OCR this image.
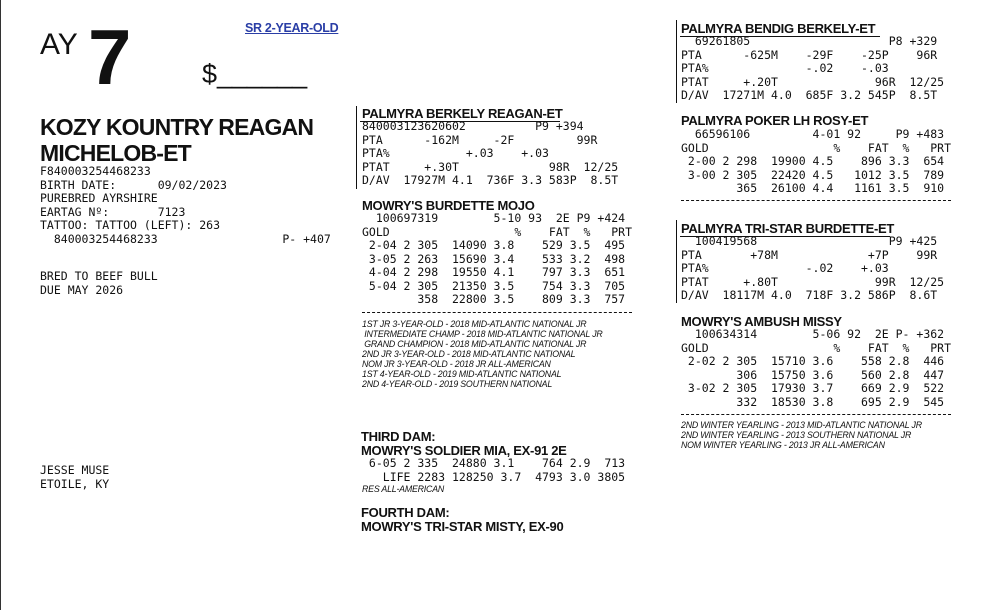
AY 7	$______
SR 2-YEAR-OLD
KOZY KOUNTRY REAGAN
MICHELOB-ET
F840003254468233
BIRTH DATE:      09/02/2023
PUREBRED AYRSHIRE
EARTAG Nº:       7123
TATTOO: TATTOO (LEFT): 263
840003254468233                  P- +407
BRED TO BEEF BULL
DUE MAY 2026
JESSE MUSE
ETOILE, KY
PALMYRA BERKELY REAGAN-ET
840003123620602          P9 +394
PTA      -162M     -2F         99R
PTA%           +.03    +.03
PTAT     +.30T             98R  12/25
D/AV  17927M 4.1  736F 3.3 583P  8.5T
MOWRY'S BURDETTE MOJO
100697319        5-10 93  2E P9 +424
GOLD                  %    FAT  %   PRT
2-04 2 305  14090 3.8    529 3.5  495
3-05 2 263  15690 3.4    533 3.2  498
4-04 2 298  19550 4.1    797 3.3  651
5-04 2 305  21350 3.5    754 3.3  705
358  22800 3.5    809 3.3  757
1ST JR 3-YEAR-OLD - 2018 MID-ATLANTIC NATIONAL JR
INTERMEDIATE CHAMP - 2018 MID-ATLANTIC NATIONAL JR
GRAND CHAMPION - 2018 MID-ATLANTIC NATIONAL JR
2ND JR 3-YEAR-OLD - 2018 MID-ATLANTIC NATIONAL
NOM JR 3-YEAR-OLD - 2018 JR ALL-AMERICAN
1ST 4-YEAR-OLD - 2019 MID-ATLANTIC NATIONAL
2ND 4-YEAR-OLD - 2019 SOUTHERN NATIONAL
THIRD DAM:
MOWRY'S SOLDIER MIA, EX-91 2E
6-05 2 335  24880 3.1    764 2.9  713
LIFE 2283 128250 3.7  4793 3.0 3805
RES ALL-AMERICAN
FOURTH DAM:
MOWRY'S TRI-STAR MISTY, EX-90
PALMYRA BENDIG BERKELY-ET
69261805                    P8 +329
PTA      -625M    -29F    -25P    96R
PTA%              -.02    -.03
PTAT     +.20T              96R  12/25
D/AV  17271M 4.0  685F 3.2 545P  8.5T
PALMYRA POKER LH ROSY-ET
66596106         4-01 92     P9 +483
GOLD                  %    FAT  %   PRT
2-00 2 298  19900 4.5    896 3.3  654
3-00 2 305  22420 4.5   1012 3.5  789
365  26100 4.4   1161 3.5  910
PALMYRA TRI-STAR BURDETTE-ET
100419568                   P9 +425
PTA       +78M             +7P    99R
PTA%              -.02    +.03
PTAT     +.80T              99R  12/25
D/AV  18117M 4.0  718F 3.2 586P  8.6T
MOWRY'S AMBUSH MISSY
100634314        5-06 92  2E P- +362
GOLD                  %    FAT  %   PRT
2-02 2 305  15710 3.6    558 2.8  446
306  15750 3.6    560 2.8  447
3-02 2 305  17930 3.7    669 2.9  522
332  18530 3.8    695 2.9  545
2ND WINTER YEARLING - 2013 MID-ATLANTIC NATIONAL JR
2ND WINTER YEARLING - 2013 SOUTHERN NATIONAL JR
NOM WINTER YEARLING - 2013 JR ALL-AMERICAN
